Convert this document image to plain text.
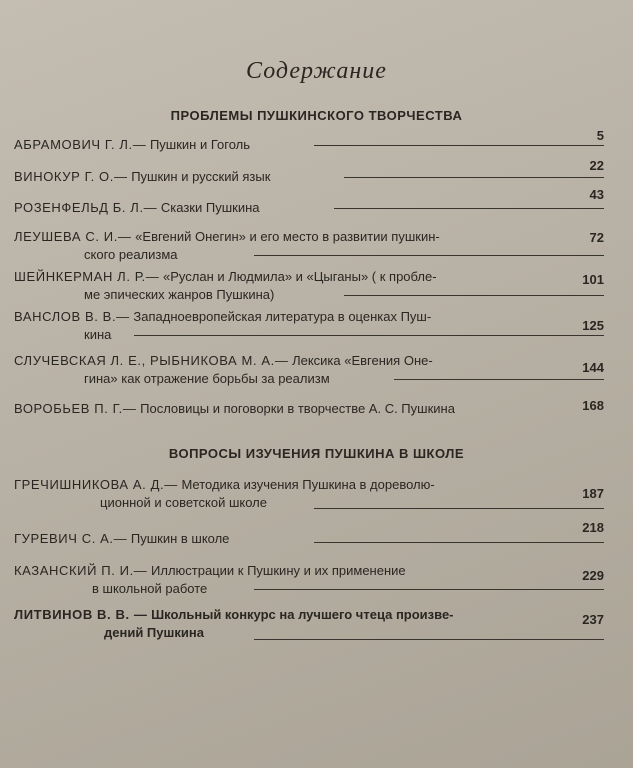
Содержание
ПРОБЛЕМЫ ПУШКИНСКОГО ТВОРЧЕСТВА
5
АБРАМОВИЧ Г. Л.— Пушкин и Гоголь
22
ВИНОКУР Г. О.— Пушкин и русский язык
43
РОЗЕНФЕЛЬД Б. Л.— Сказки Пушкина
72
ЛЕУШЕВА С. И.— «Евгений Онегин» и его место в развитии пушкин-
ского реализма
101
ШЕЙНКЕРМАН Л. Р.— «Руслан и Людмила» и «Цыганы» ( к пробле-
ме эпических жанров Пушкина)
125
ВАНСЛОВ В. В.— Западноевропейская литература в оценках Пуш-
кина
144
СЛУЧЕВСКАЯ Л. Е., РЫБНИКОВА М. А.— Лексика «Евгения Оне-
гина» как отражение борьбы за реализм
168
ВОРОБЬЕВ П. Г.— Пословицы и поговорки в творчестве А. С. Пушкина
ВОПРОСЫ ИЗУЧЕНИЯ ПУШКИНА В ШКОЛЕ
187
ГРЕЧИШНИКОВА А. Д.— Методика изучения Пушкина в дореволю-
ционной и советской школе
218
ГУРЕВИЧ С. А.— Пушкин в школе
229
КАЗАНСКИЙ П. И.— Иллюстрации к Пушкину и их применение
в школьной работе
237
ЛИТВИНОВ В. В. — Школьный конкурс на лучшего чтеца произве-
дений Пушкина
